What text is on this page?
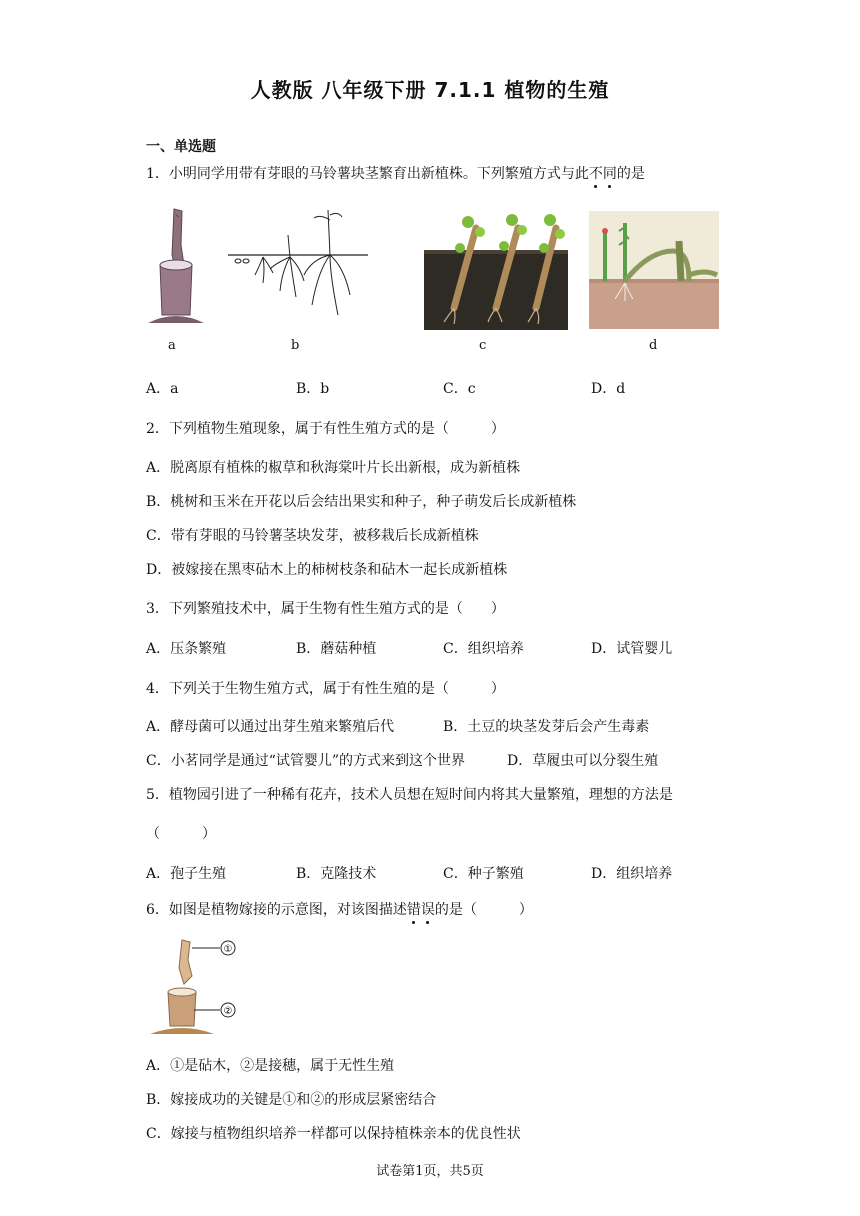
人教版 八年级下册 7.1.1 植物的生殖
一、单选题
1．小明同学用带有芽眼的马铃薯块茎繁育出新植株。下列繁殖方式与此不同的是
a	b	c	d
A．a	B．b	C．c	D．d
2．下列植物生殖现象，属于有性生殖方式的是（　　　）
A．脱离原有植株的椒草和秋海棠叶片长出新根，成为新植株
B．桃树和玉米在开花以后会结出果实和种子，种子萌发后长成新植株
C．带有芽眼的马铃薯茎块发芽，被移栽后长成新植株
D．被嫁接在黑枣砧木上的柿树枝条和砧木一起长成新植株
3．下列繁殖技术中，属于生物有性生殖方式的是（　　）
A．压条繁殖	B．蘑菇种植	C．组织培养	D．试管婴儿
4．下列关于生物生殖方式，属于有性生殖的是（　　　）
A．酵母菌可以通过出芽生殖来繁殖后代	B．土豆的块茎发芽后会产生毒素
C．小茗同学是通过“试管婴儿”的方式来到这个世界	D．草履虫可以分裂生殖
5．植物园引进了一种稀有花卉，技术人员想在短时间内将其大量繁殖，理想的方法是
（　　　）
A．孢子生殖	B．克隆技术	C．种子繁殖	D．组织培养
6．如图是植物嫁接的示意图，对该图描述错误的是（　　　）
①
②
A．①是砧木，②是接穗，属于无性生殖
B．嫁接成功的关键是①和②的形成层紧密结合
C．嫁接与植物组织培养一样都可以保持植株亲本的优良性状
试卷第1页，共5页
